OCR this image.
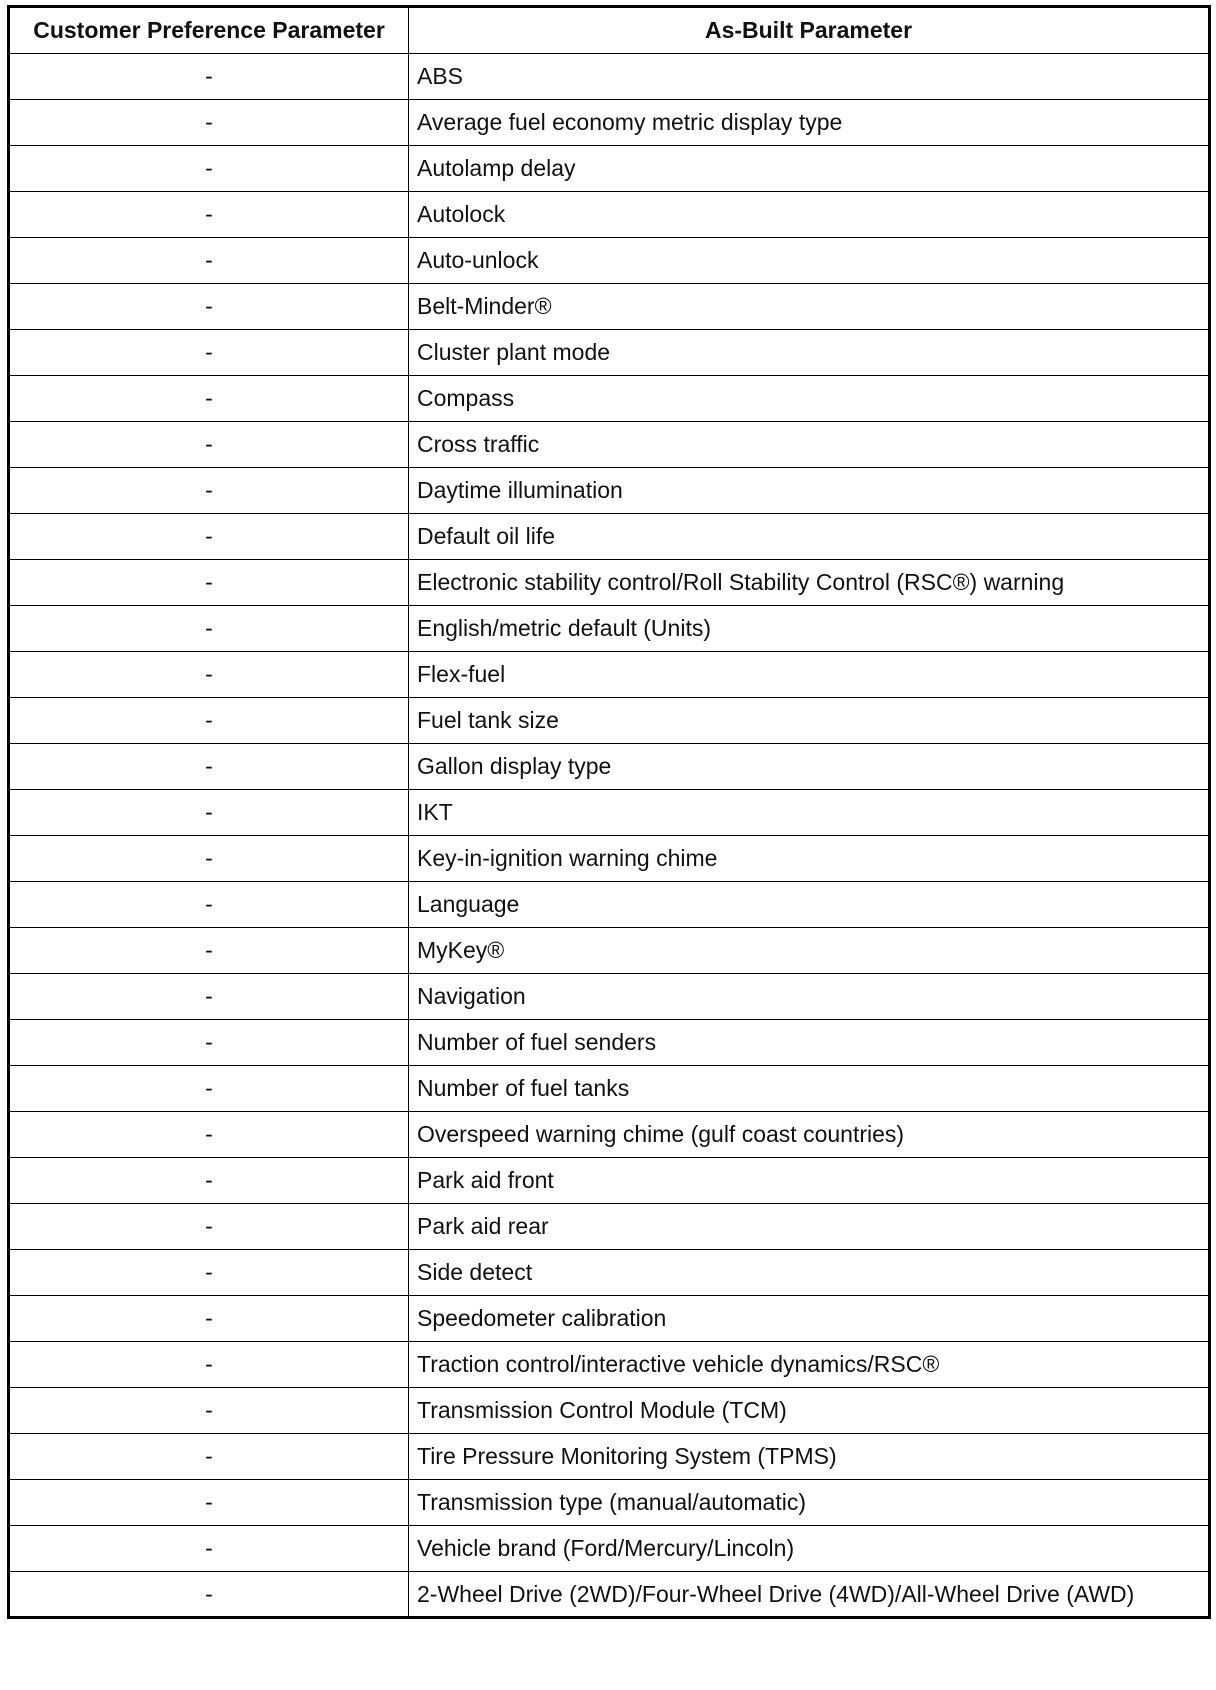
Customer Preference Parameter	As-Built Parameter
-	ABS
-	Average fuel economy metric display type
-	Autolamp delay
-	Autolock
-	Auto-unlock
-	Belt-Minder®
-	Cluster plant mode
-	Compass
-	Cross traffic
-	Daytime illumination
-	Default oil life
-	Electronic stability control/Roll Stability Control (RSC®) warning
-	English/metric default (Units)
-	Flex-fuel
-	Fuel tank size
-	Gallon display type
-	IKT
-	Key-in-ignition warning chime
-	Language
-	MyKey®
-	Navigation
-	Number of fuel senders
-	Number of fuel tanks
-	Overspeed warning chime (gulf coast countries)
-	Park aid front
-	Park aid rear
-	Side detect
-	Speedometer calibration
-	Traction control/interactive vehicle dynamics/RSC®
-	Transmission Control Module (TCM)
-	Tire Pressure Monitoring System (TPMS)
-	Transmission type (manual/automatic)
-	Vehicle brand (Ford/Mercury/Lincoln)
-	2-Wheel Drive (2WD)/Four-Wheel Drive (4WD)/All-Wheel Drive (AWD)
